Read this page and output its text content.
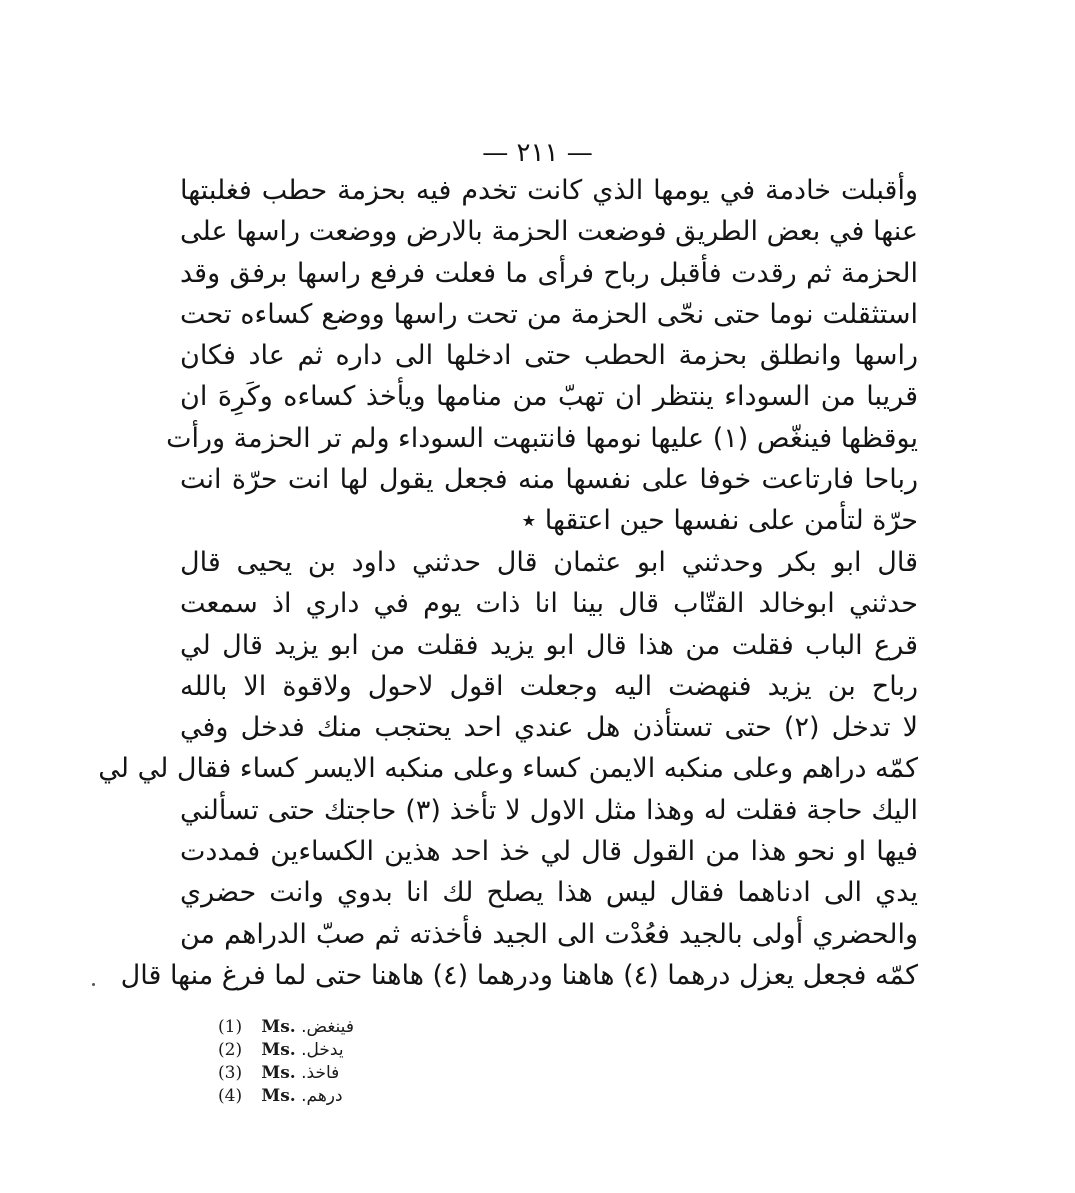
— ٢١١ —
وأقبلت خادمة في يومها الذي كانت تخدم فيه بحزمة حطب فغلبتها
عنها في بعض الطريق فوضعت الحزمة بالارض ووضعت راسها على
الحزمة ثم رقدت فأقبل رباح فرأى ما فعلت فرفع راسها برفق وقد
استثقلت نوما حتى نحّى الحزمة من تحت راسها ووضع كساءه تحت
راسها وانطلق بحزمة الحطب حتى ادخلها الى داره ثم عاد فكان
قريبا من السوداء ينتظر ان تهبّ من منامها ويأخذ كساءه وكَرِهَ ان
يوقظها فينغّص (١) عليها نومها فانتبهت السوداء ولم تر الحزمة ورأت
رباحا فارتاعت خوفا على نفسها منه فجعل يقول لها انت حرّة انت
حرّة لتأمن على نفسها حين اعتقها ٭
قال ابو بكر وحدثني ابو عثمان قال حدثني داود بن يحيى قال
حدثني ابوخالد القتّاب قال بينا انا ذات يوم في داري اذ سمعت
قرع الباب فقلت من هذا قال ابو يزيد فقلت من ابو يزيد قال لي
رباح بن يزيد فنهضت اليه وجعلت اقول لاحول ولاقوة الا بالله
لا تدخل (٢) حتى تستأذن هل عندي احد يحتجب منك فدخل وفي
كمّه دراهم وعلى منكبه الايمن كساء وعلى منكبه الايسر كساء فقال لي لي
اليك حاجة فقلت له وهذا مثل الاول لا تأخذ (٣) حاجتك حتى تسألني
فيها او نحو هذا من القول قال لي خذ احد هذين الكساءين فمددت
يدي الى ادناهما فقال ليس هذا يصلح لك انا بدوي وانت حضري
والحضري أولى بالجيد فعُدْت الى الجيد فأخذته ثم صبّ الدراهم من
كمّه فجعل يعزل درهما (٤) هاهنا ودرهما (٤) هاهنا حتى لما فرغ منها قال
(1) Ms. فينغض.
(2) Ms. يدخل.
(3) Ms. فاخذ.
(4) Ms. درهم.
